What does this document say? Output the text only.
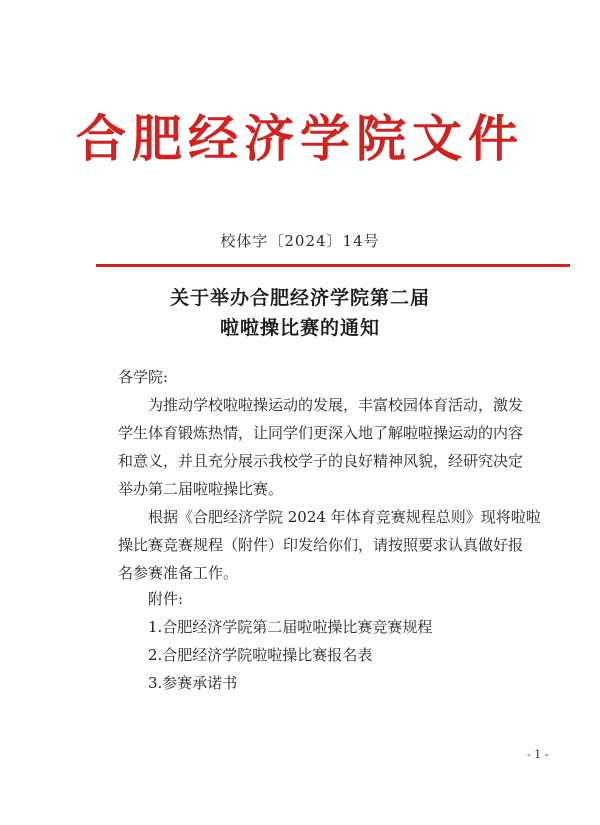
合肥经济学院文件
校体字〔2024〕14号
关于举办合肥经济学院第二届
啦啦操比赛的通知
各学院:
为推动学校啦啦操运动的发展，丰富校园体育活动，激发
学生体育锻炼热情，让同学们更深入地了解啦啦操运动的内容
和意义，并且充分展示我校学子的良好精神风貌，经研究决定
举办第二届啦啦操比赛。
根据《合肥经济学院 2024 年体育竞赛规程总则》现将啦啦
操比赛竞赛规程（附件）印发给你们，请按照要求认真做好报
名参赛准备工作。
附件:
1.合肥经济学院第二届啦啦操比赛竞赛规程
2.合肥经济学院啦啦操比赛报名表
3.参赛承诺书
- 1 -
